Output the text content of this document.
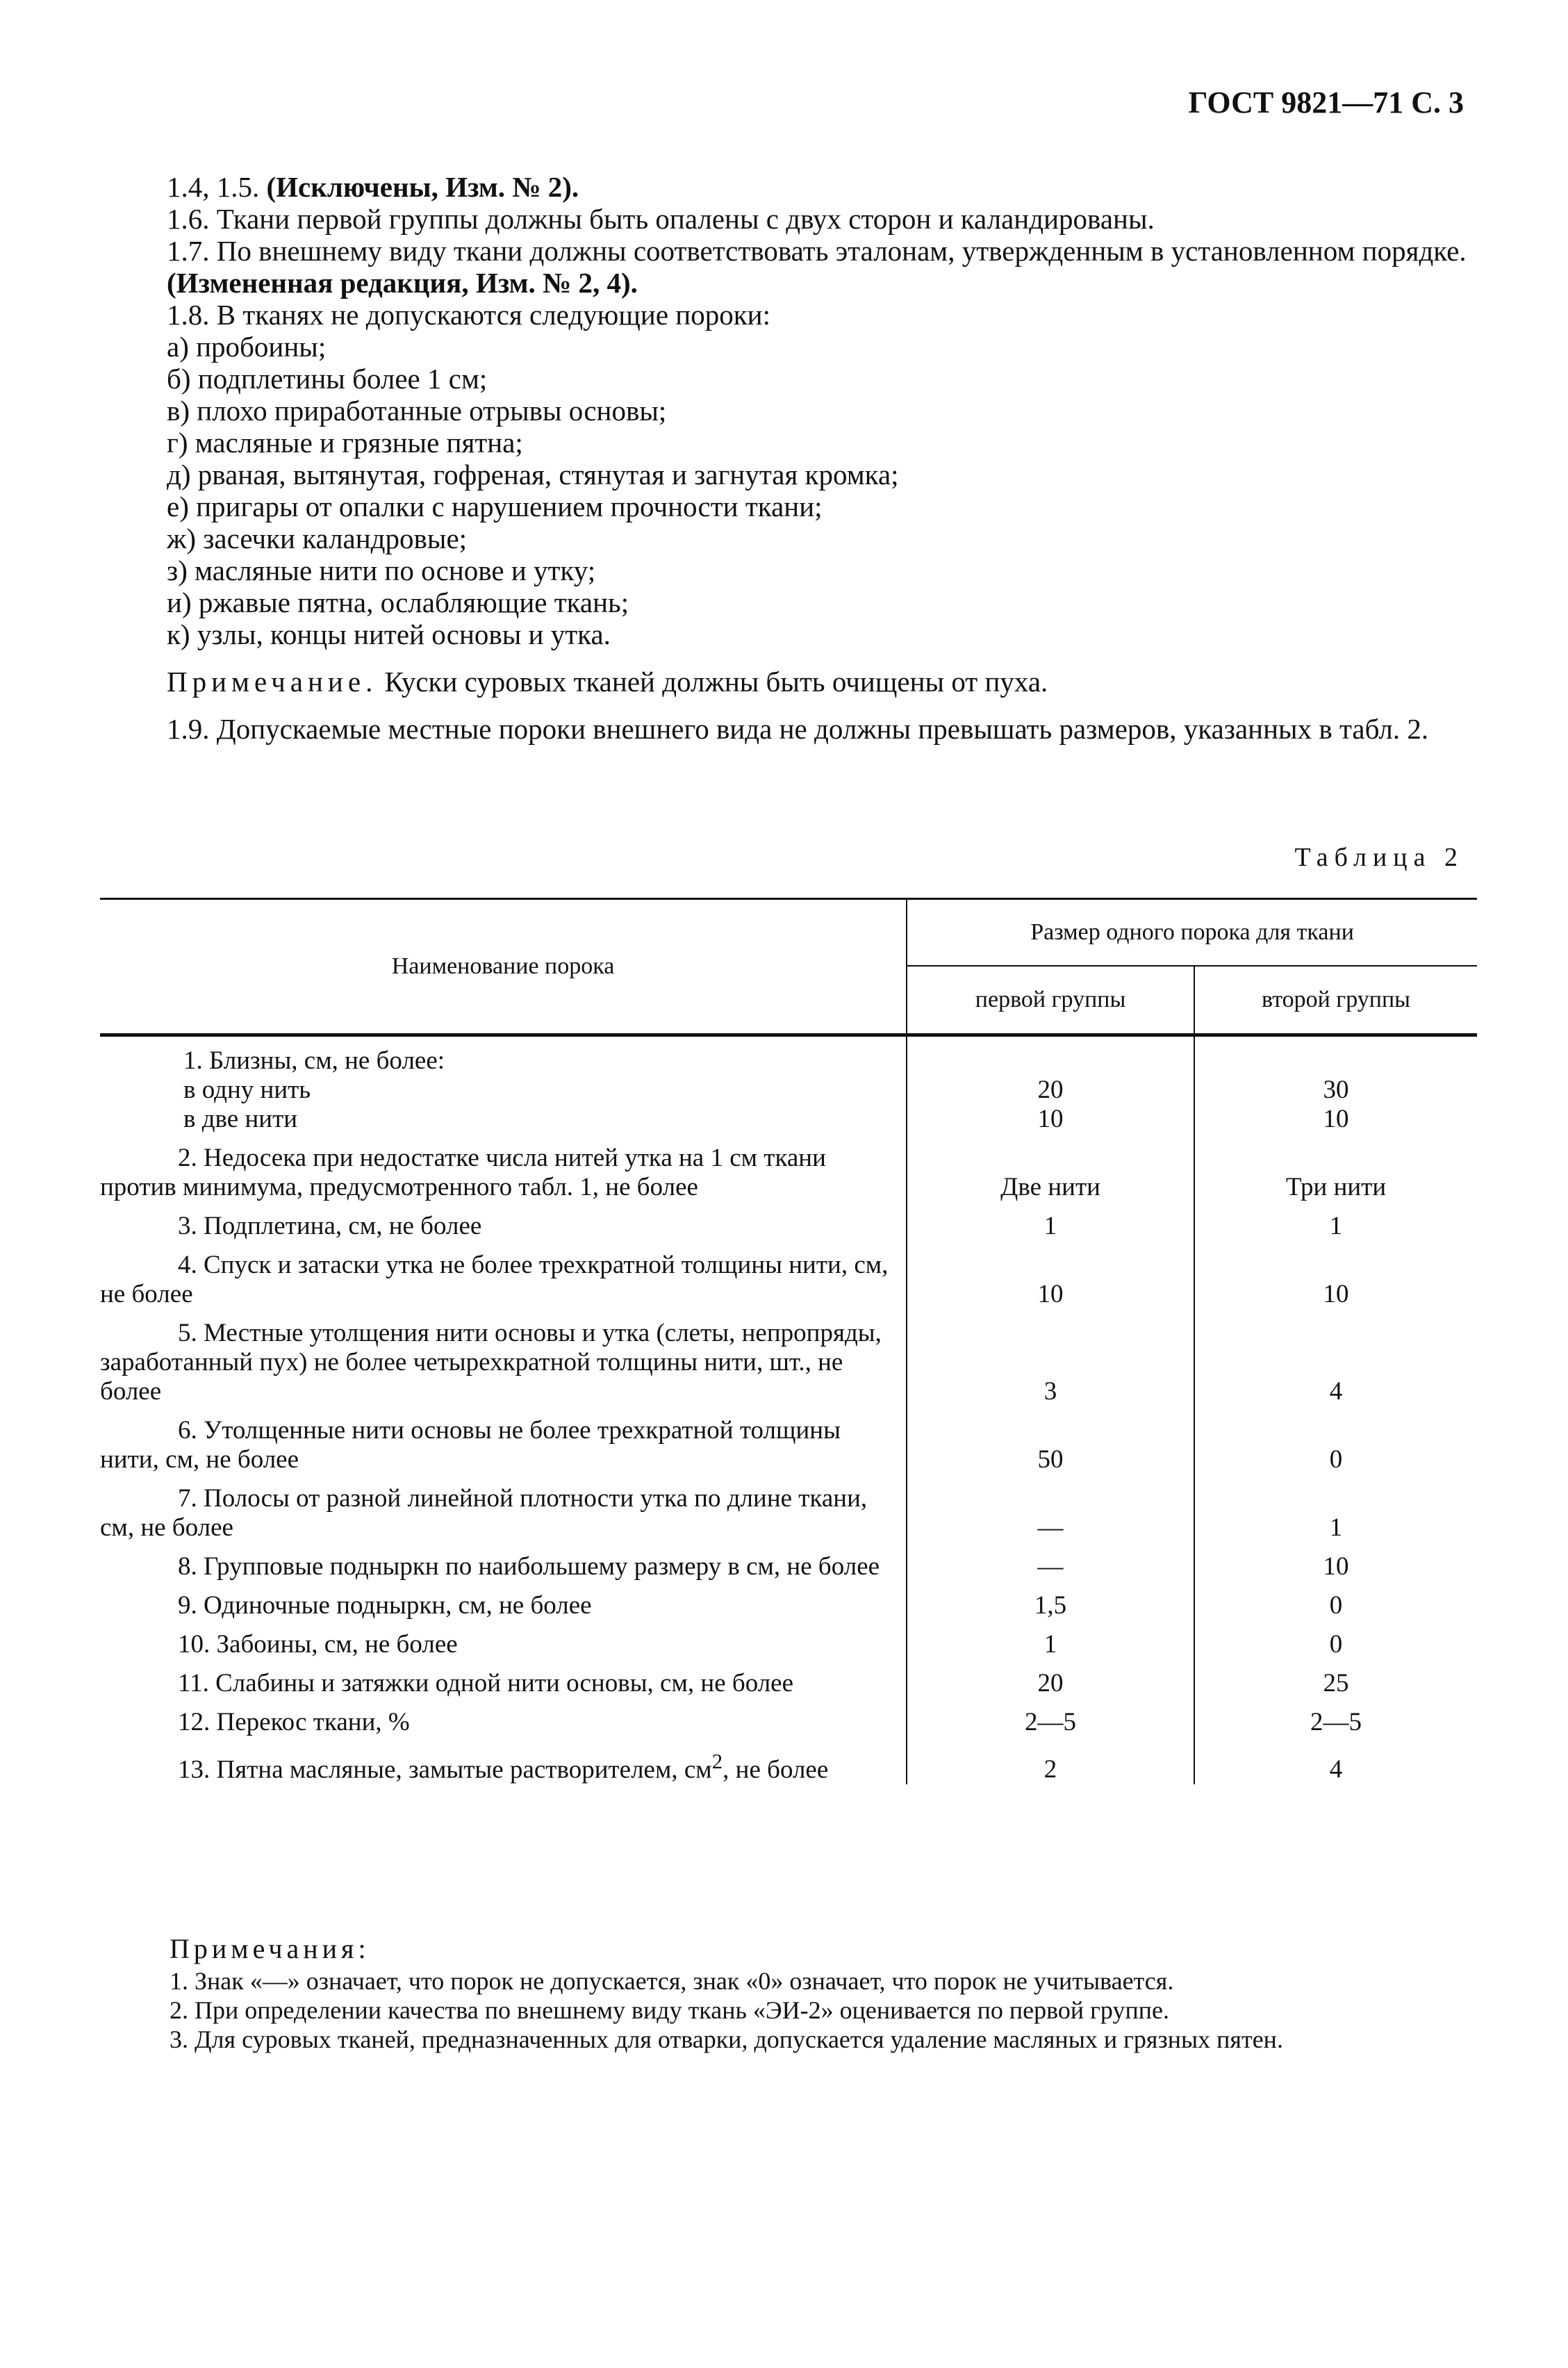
ГОСТ 9821—71 С. 3

1.4, 1.5. (Исключены, Изм. № 2).

1.6. Ткани первой группы должны быть опалены с двух сторон и каландированы.

1.7. По внешнему виду ткани должны соответствовать эталонам, утвержденным в установленном порядке.

(Измененная редакция, Изм. № 2, 4).

1.8. В тканях не допускаются следующие пороки:

а) пробоины;

б) подплетины более 1 см;

в) плохо приработанные отрывы основы;

г) масляные и грязные пятна;

д) рваная, вытянутая, гофреная, стянутая и загнутая кромка;

е) пригары от опалки с нарушением прочности ткани;

ж) засечки каландровые;

з) масляные нити по основе и утку;

и) ржавые пятна, ослабляющие ткань;

к) узлы, концы нитей основы и утка.

Примечание. Куски суровых тканей должны быть очищены от пуха.

1.9. Допускаемые местные пороки внешнего вида не должны превышать размеров, указанных в табл. 2.

Таблица 2
Наименование порока	Размер одного порока для ткани	
	первой группы	второй группы

1. Близны, см, не более:
в одну нить	20	30

в две нити	10	10
2. Недосека при недостатке числа нитей утка на 1 см ткани против минимума, предусмотренного табл. 1, не более	Две нити	Три нити
3. Подплетина, см, не более	1	1
4. Спуск и затаски утка не более трехкратной толщины нити, см, не более	10	10
5. Местные утолщения нити основы и утка (слеты, непропряды, заработанный пух) не более четырехкратной толщины нити, шт., не более	3	4
6. Утолщенные нити основы не более трехкратной толщины нити, см, не более	50	0
7. Полосы от разной линейной плотности утка по длине ткани, см, не более	—	1
8. Групповые подныркн по наибольшему размеру в см, не более	—	10
9. Одиночные подныркн, см, не более	1,5	0
10. Забоины, см, не более	1	0
11. Слабины и затяжки одной нити основы, см, не более	20	25
12. Перекос ткани, %	2—5	2—5
13. Пятна масляные, замытые растворителем, $см^2$, не более	2	4
Примечания:
1. Знак «—» означает, что порок не допускается, знак «0» означает, что порок не учитывается.
2. При определении качества по внешнему виду ткань «ЭИ-2» оценивается по первой группе.
3. Для суровых тканей, предназначенных для отварки, допускается удаление масляных и грязных пятен.
